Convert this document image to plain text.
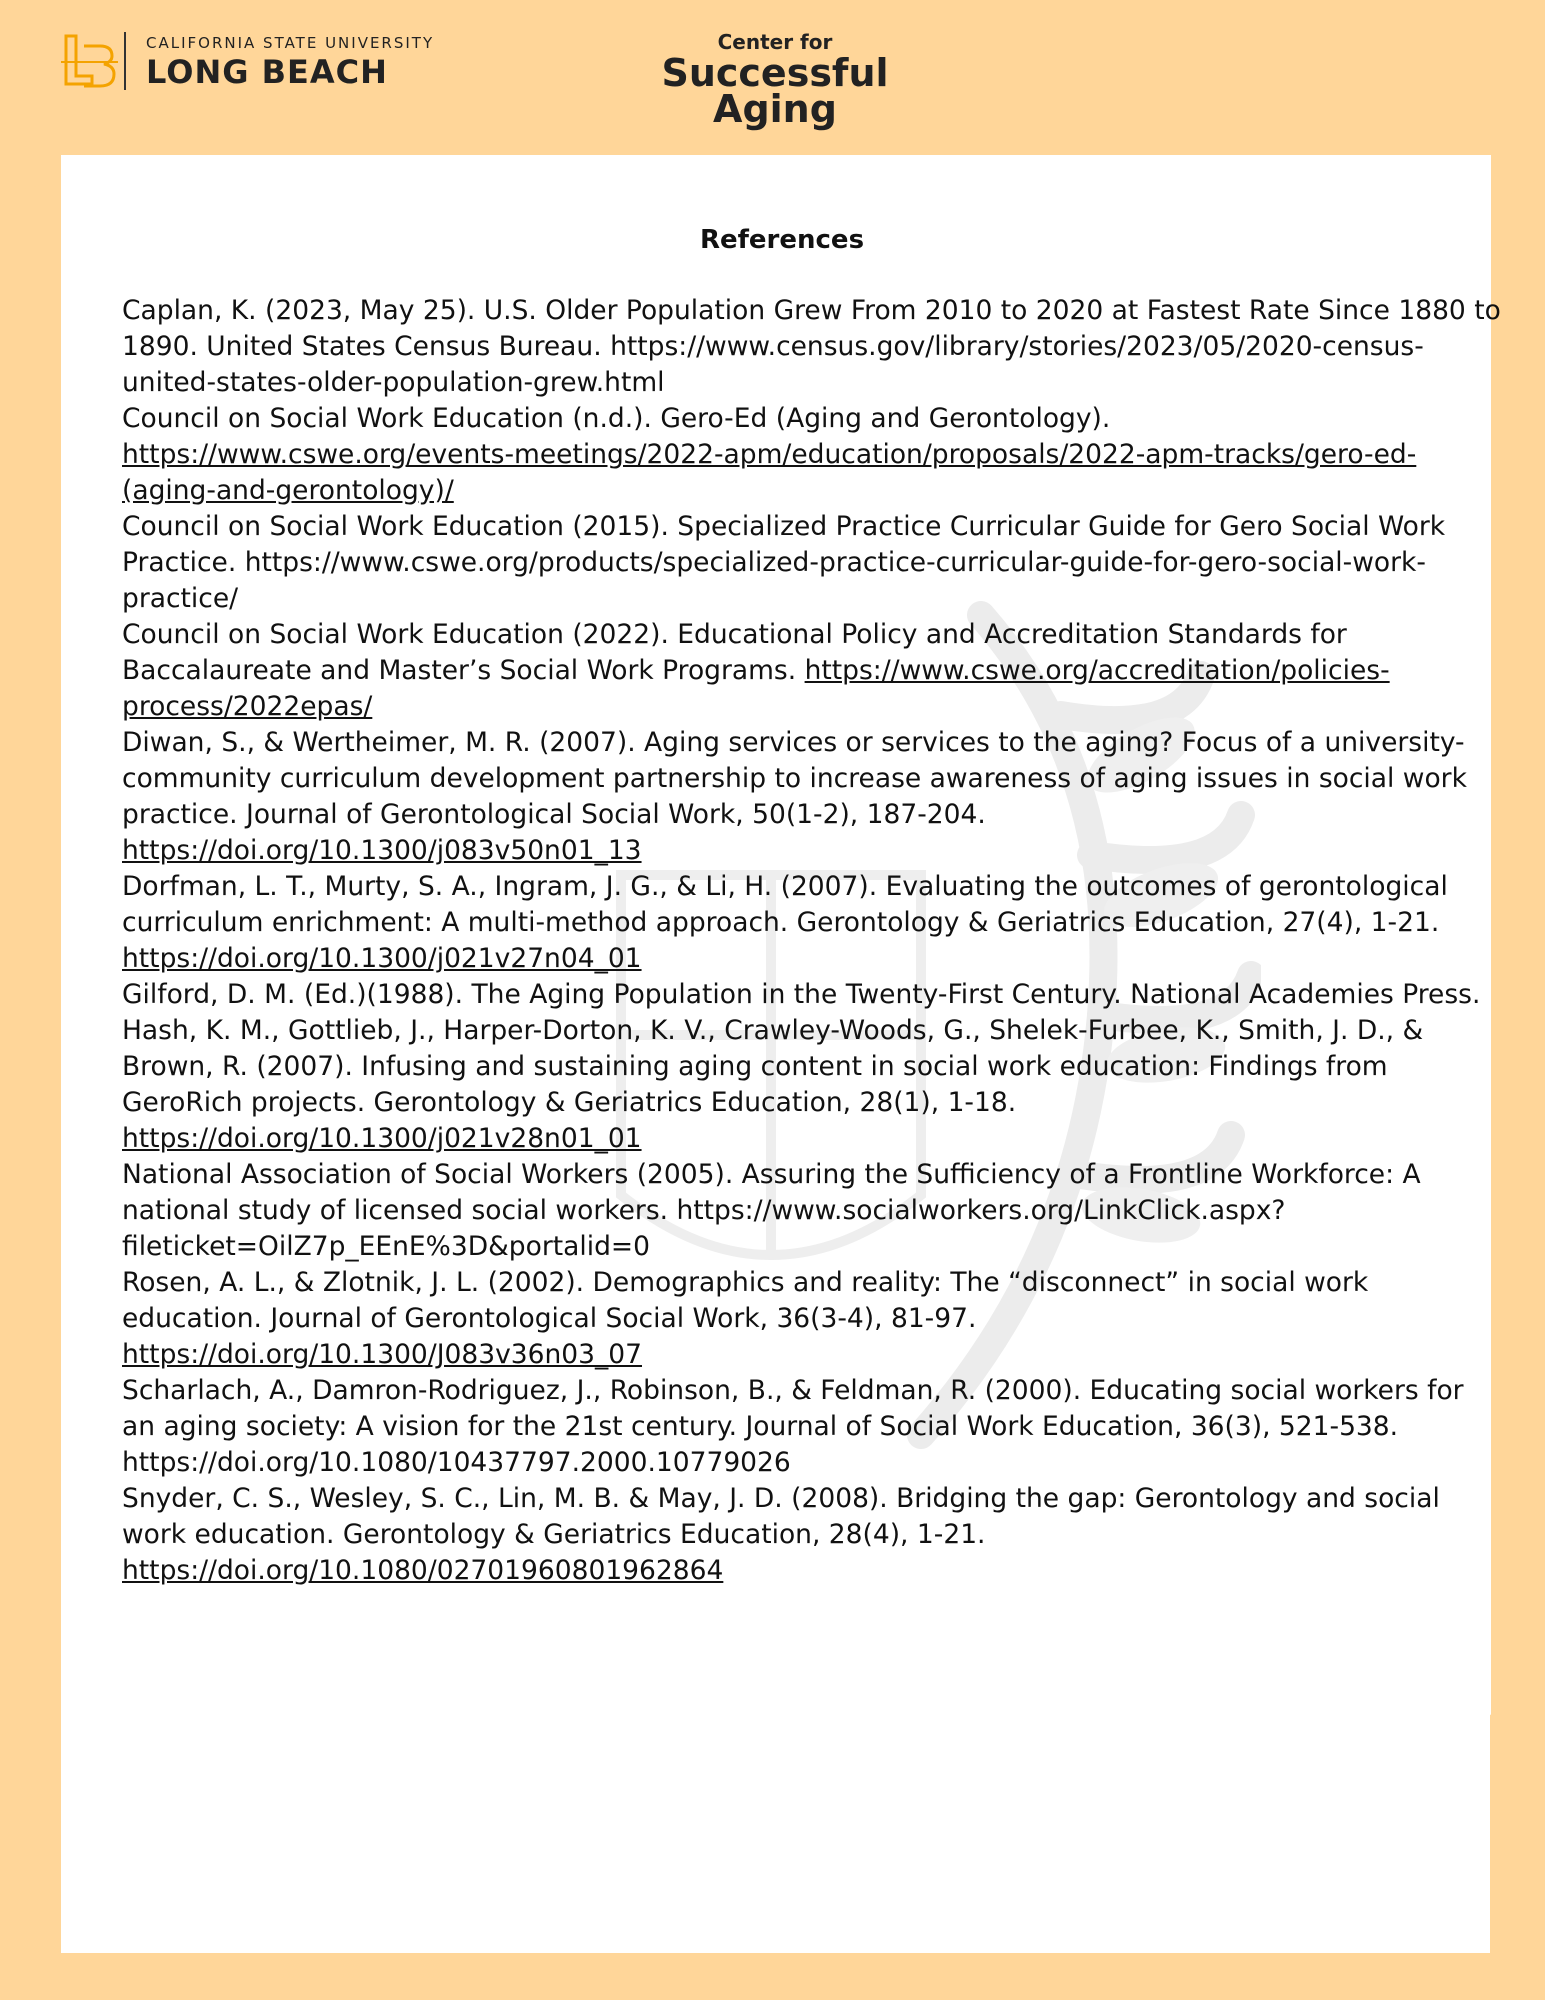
CALIFORNIA STATE UNIVERSITY
LONG BEACH
Center for
Successful
Aging
References

Caplan, K. (2023, May 25). U.S. Older Population Grew From 2010 to 2020 at Fastest Rate Since 1880 to 1890. United States Census Bureau. https://www.census.gov/library/stories/2023/05/2020-census-united-states-older-population-grew.html

Council on Social Work Education (n.d.). Gero-Ed (Aging and Gerontology). https://www.cswe.org/events-meetings/2022-apm/education/proposals/2022-apm-tracks/gero-ed-(aging-and-gerontology)/

Council on Social Work Education (2015). Specialized Practice Curricular Guide for Gero Social Work Practice. https://www.cswe.org/products/specialized-practice-curricular-guide-for-gero-social-work-practice/

Council on Social Work Education (2022). Educational Policy and Accreditation Standards for Baccalaureate and Master’s Social Work Programs. https://www.cswe.org/accreditation/policies-process/2022epas/

Diwan, S., & Wertheimer, M. R. (2007). Aging services or services to the aging? Focus of a university-community curriculum development partnership to increase awareness of aging issues in social work practice. Journal of Gerontological Social Work, 50(1-2), 187-204. https://doi.org/10.1300/j083v50n01_13

Dorfman, L. T., Murty, S. A., Ingram, J. G., & Li, H. (2007). Evaluating the outcomes of gerontological curriculum enrichment: A multi-method approach. Gerontology & Geriatrics Education, 27(4), 1-21. https://doi.org/10.1300/j021v27n04_01

Gilford, D. M. (Ed.)(1988). The Aging Population in the Twenty-First Century. National Academies Press.

Hash, K. M., Gottlieb, J., Harper-Dorton, K. V., Crawley-Woods, G., Shelek-Furbee, K., Smith, J. D., & Brown, R. (2007). Infusing and sustaining aging content in social work education: Findings from GeroRich projects. Gerontology & Geriatrics Education, 28(1), 1-18. https://doi.org/10.1300/j021v28n01_01

National Association of Social Workers (2005). Assuring the Sufficiency of a Frontline Workforce: A national study of licensed social workers. https://www.socialworkers.org/LinkClick.aspx?fileticket=OilZ7p_EEnE%3D&portalid=0

Rosen, A. L., & Zlotnik, J. L. (2002). Demographics and reality: The “disconnect” in social work education. Journal of Gerontological Social Work, 36(3-4), 81-97. https://doi.org/10.1300/J083v36n03_07

Scharlach, A., Damron-Rodriguez, J., Robinson, B., & Feldman, R. (2000). Educating social workers for an aging society: A vision for the 21st century. Journal of Social Work Education, 36(3), 521-538. https://doi.org/10.1080/10437797.2000.10779026

Snyder, C. S., Wesley, S. C., Lin, M. B. & May, J. D. (2008). Bridging the gap: Gerontology and social work education. Gerontology & Geriatrics Education, 28(4), 1-21. https://doi.org/10.1080/02701960801962864
